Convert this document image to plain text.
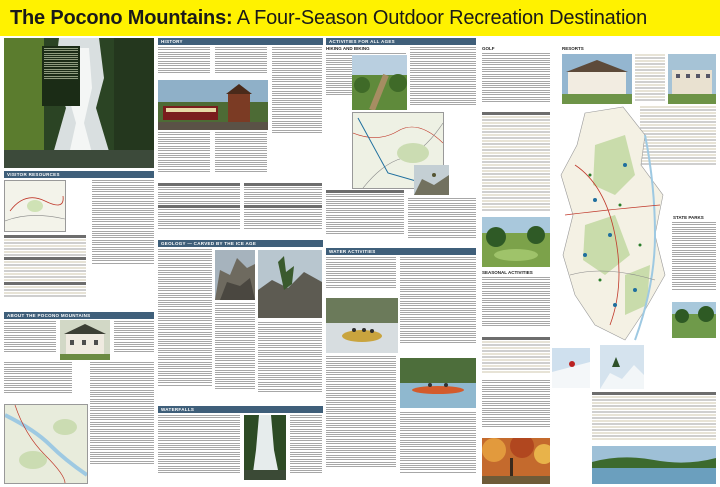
The Pocono Mountains: A Four-Season Outdoor Recreation Destination
HISTORY
VISITOR RESOURCES
ABOUT THE POCONO MOUNTAINS
GEOLOGY — CARVED BY THE ICE AGE
WATERFALLS
ACTIVITIES FOR ALL AGES
HIKING AND BIKING
WATER ACTIVITIES
GOLF
SEASONAL ACTIVITIES
RESORTS
STATE PARKS
